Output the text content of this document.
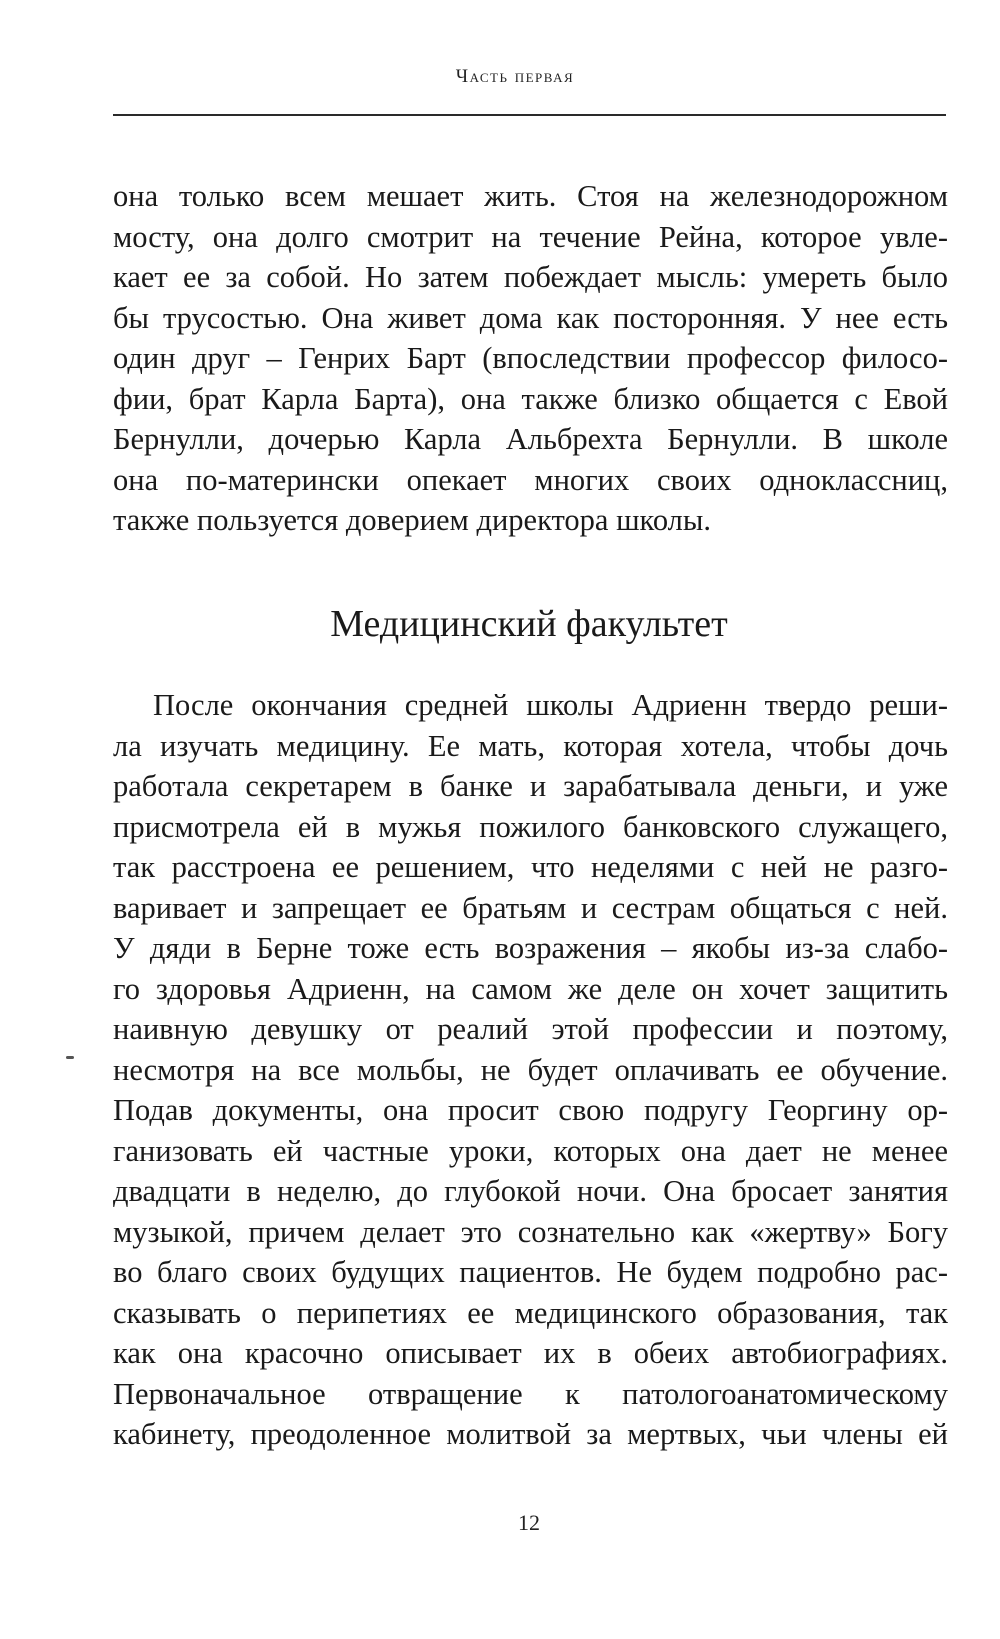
Часть первая
она только всем мешает жить. Стоя на железнодорожном
мосту, она долго смотрит на течение Рейна, которое увле-
кает ее за собой. Но затем побеждает мысль: умереть было
бы трусостью. Она живет дома как посторонняя. У нее есть
один друг – Генрих Барт (впоследствии профессор филосо-
фии, брат Карла Барта), она также близко общается с Евой
Бернулли, дочерью Карла Альбрехта Бернулли. В школе
она по-матерински опекает многих своих одноклассниц,
также пользуется доверием директора школы.
Медицинский факультет
После окончания средней школы Адриенн твердо реши-
ла изучать медицину. Ее мать, которая хотела, чтобы дочь
работала секретарем в банке и зарабатывала деньги, и уже
присмотрела ей в мужья пожилого банковского служащего,
так расстроена ее решением, что неделями с ней не разго-
варивает и запрещает ее братьям и сестрам общаться с ней.
У дяди в Берне тоже есть возражения – якобы из-за слабо-
го здоровья Адриенн, на самом же деле он хочет защитить
наивную девушку от реалий этой профессии и поэтому,
несмотря на все мольбы, не будет оплачивать ее обучение.
Подав документы, она просит свою подругу Георгину ор-
ганизовать ей частные уроки, которых она дает не менее
двадцати в неделю, до глубокой ночи. Она бросает занятия
музыкой, причем делает это сознательно как «жертву» Богу
во благо своих будущих пациентов. Не будем подробно рас-
сказывать о перипетиях ее медицинского образования, так
как она красочно описывает их в обеих автобиографиях.
Первоначальное отвращение к патологоанатомическому
кабинету, преодоленное молитвой за мертвых, чьи члены ей
12
